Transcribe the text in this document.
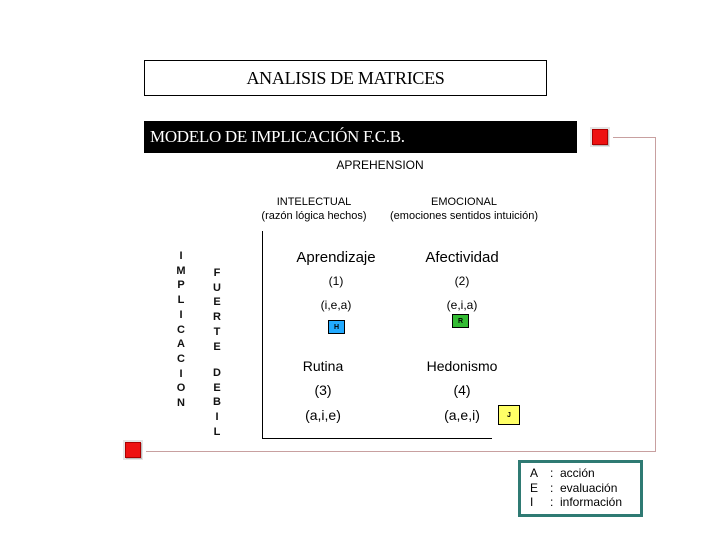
ANALISIS DE MATRICES
MODELO DE IMPLICACIÓN F.C.B.
APREHENSION
INTELECTUAL
(razón lógica hechos)
EMOCIONAL
(emociones sentidos intuición)
I
M
P
L
I
C
A
C
I
O
N
F
U
E
R
T
E
D
E
B
I
L
Aprendizaje
(1)
(i,e,a)
H
Afectividad
(2)
(e,i,a)
R
Rutina
(3)
(a,i,e)
Hedonismo
(4)
(a,e,i)	J
A : acción
E : evaluación
I	: información
